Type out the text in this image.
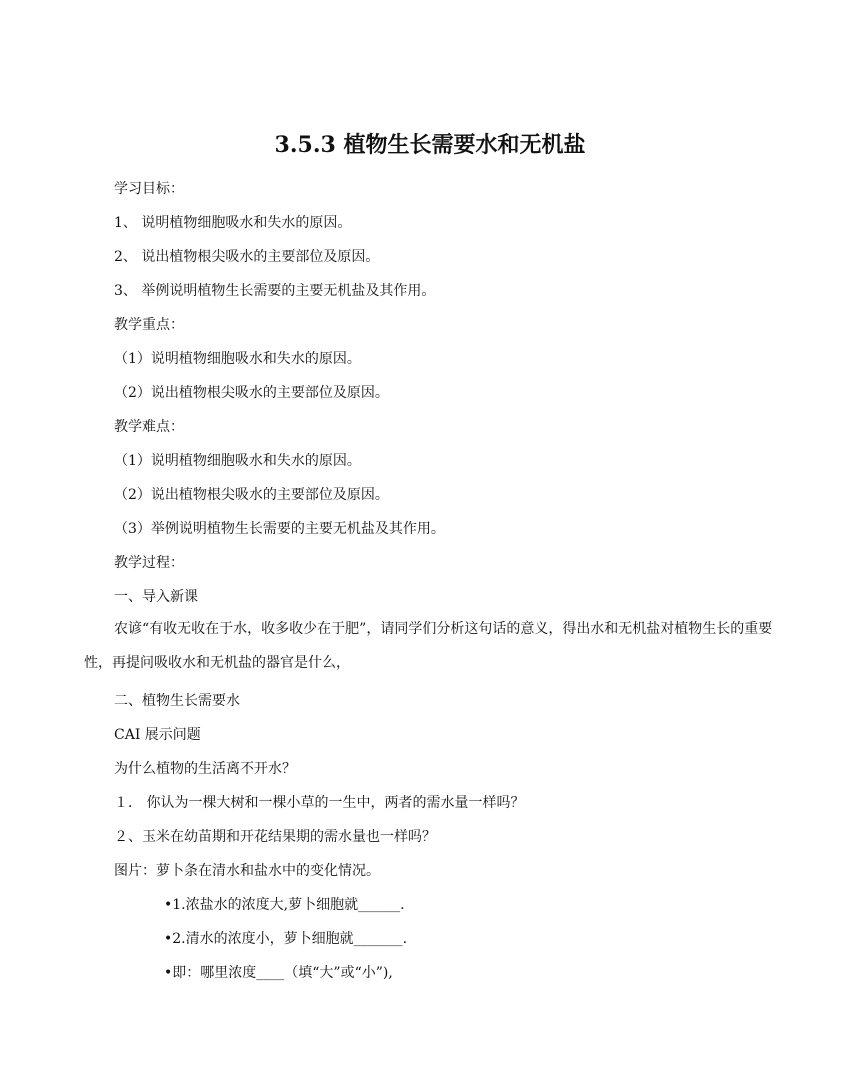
3.5.3 植物生长需要水和无机盐
学习目标：
1、 说明植物细胞吸水和失水的原因。
2、 说出植物根尖吸水的主要部位及原因。
3、 举例说明植物生长需要的主要无机盐及其作用。
教学重点：
（1）说明植物细胞吸水和失水的原因。
（2）说出植物根尖吸水的主要部位及原因。
教学难点：
（1）说明植物细胞吸水和失水的原因。
（2）说出植物根尖吸水的主要部位及原因。
（3）举例说明植物生长需要的主要无机盐及其作用。
教学过程：
一、导入新课
农谚“有收无收在于水，收多收少在于肥”，请同学们分析这句话的意义，得出水和无机盐对植物生长的重要性，再提问吸收水和无机盐的器官是什么，
二、植物生长需要水
CAI 展示问题
为什么植物的生活离不开水？
１． 你认为一棵大树和一棵小草的一生中，两者的需水量一样吗？
２、玉米在幼苗期和开花结果期的需水量也一样吗？
图片：萝卜条在清水和盐水中的变化情况。
•1.浓盐水的浓度大,萝卜细胞就______.
•2.清水的浓度小，萝卜细胞就_______.
•即：哪里浓度____（填“大”或“小”),
